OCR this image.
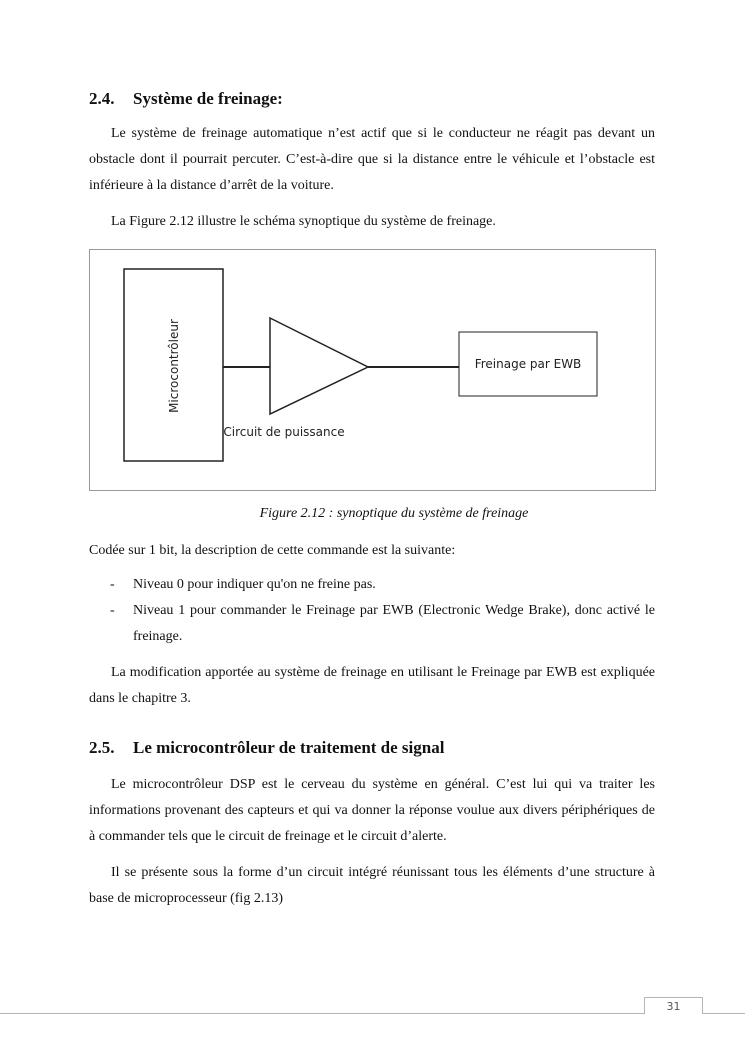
2.4. Système de freinage:

Le système de freinage automatique n’est actif que si le conducteur ne réagit pas devant un obstacle dont il pourrait percuter. C’est-à-dire que si la distance entre le véhicule et l’obstacle est inférieure à la distance d’arrêt de la voiture.

La Figure 2.12 illustre le schéma synoptique du système de freinage.

Microcontrôleur
Circuit de puissance
Freinage par EWB

Figure 2.12 : synoptique du système de freinage

Codée sur 1 bit, la description de cette commande est la suivante:

- Niveau 0 pour indiquer qu'on ne freine pas.
- Niveau 1 pour commander le Freinage par EWB (Electronic Wedge Brake), donc activé le freinage.

La modification apportée au système de freinage en utilisant le Freinage par EWB est expliquée dans le chapitre 3.

2.5. Le microcontrôleur de traitement de signal

Le microcontrôleur DSP est le cerveau du système en général. C’est lui qui va traiter les informations provenant des capteurs et qui va donner la réponse voulue aux divers périphériques de à commander tels que le circuit de freinage et le circuit d’alerte.

Il se présente sous la forme d’un circuit intégré réunissant tous les éléments d’une structure à base de microprocesseur (fig 2.13)

31
